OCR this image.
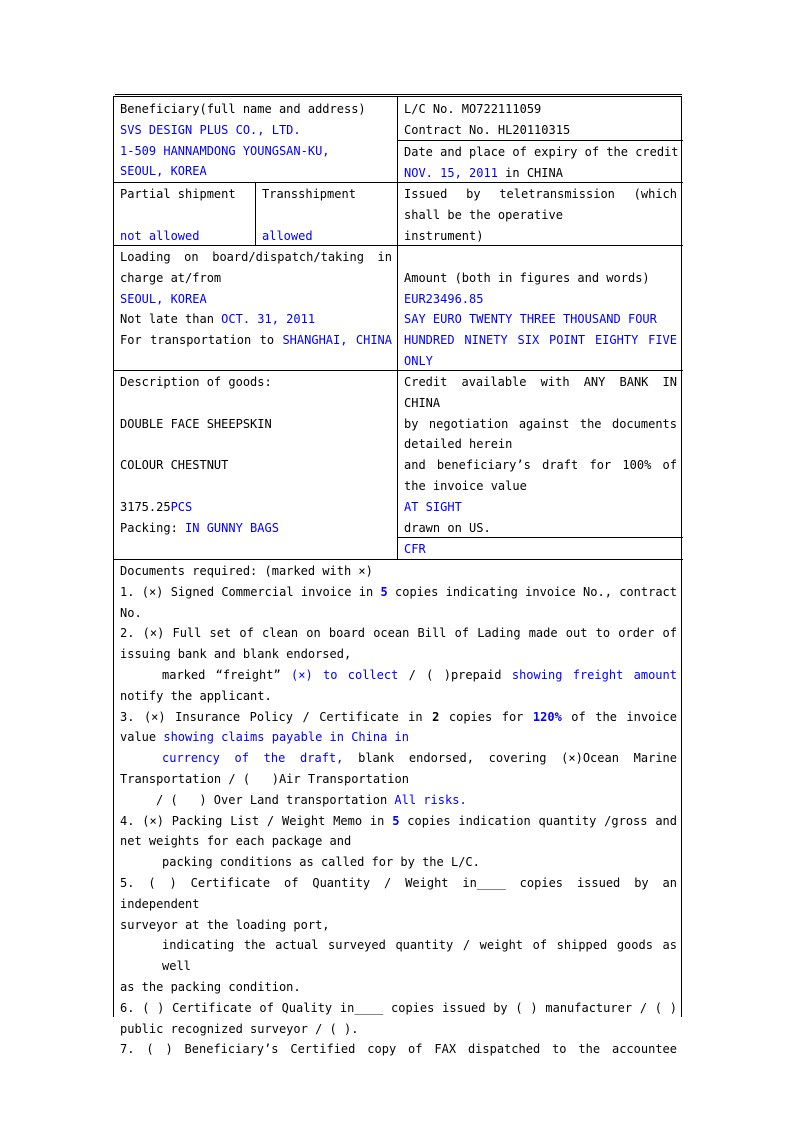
Beneficiary(full name and address)
SVS DESIGN PLUS CO., LTD.
1-509 HANNAMDONG YOUNGSAN-KU,
SEOUL, KOREA
L/C No. MO722111059
Contract No. HL20110315
Date and place of expiry of the credit
NOV. 15, 2011 in CHINA
Partial shipment

not allowed
Transshipment

allowed
Issued by teletransmission (which
shall be the operative
instrument)
Loading on board/dispatch/taking in
charge at/from
SEOUL, KOREA
Not late than OCT. 31, 2011
For transportation to SHANGHAI, CHINA

Amount (both in figures and words)
EUR23496.85
SAY EURO TWENTY THREE THOUSAND FOUR
HUNDRED NINETY SIX POINT EIGHTY FIVE
ONLY
Description of goods:

DOUBLE FACE SHEEPSKIN

COLOUR CHESTNUT

3175.25PCS
Packing: IN GUNNY BAGS
Credit available with ANY BANK IN
CHINA
by negotiation against the documents
detailed herein
and beneficiary’s draft for 100% of
the invoice value
AT SIGHT
drawn on US.
CFR
Documents required: (marked with ×)
1. (×) Signed Commercial invoice in 5 copies indicating invoice No., contract
No.
2. (×) Full set of clean on board ocean Bill of Lading made out to order of
issuing bank and blank endorsed,
marked “freight” (×) to collect / ( )prepaid showing freight amount
notify the applicant.
3. (×) Insurance Policy / Certificate in 2 copies for 120% of the invoice
value showing claims payable in China in
currency of the draft, blank endorsed, covering (×)Ocean Marine
Transportation / (   )Air Transportation
/ (   ) Over Land transportation All risks.
4. (×) Packing List / Weight Memo in 5 copies indication quantity /gross and
net weights for each package and
packing conditions as called for by the L/C.
5. ( ) Certificate of Quantity / Weight in____ copies issued by an independent
surveyor at the loading port,
indicating the actual surveyed quantity / weight of shipped goods as well
as the packing condition.
6. ( ) Certificate of Quality in____ copies issued by ( ) manufacturer / ( )
public recognized surveyor / ( ).
7. ( ) Beneficiary’s Certified copy of FAX dispatched to the accountee
